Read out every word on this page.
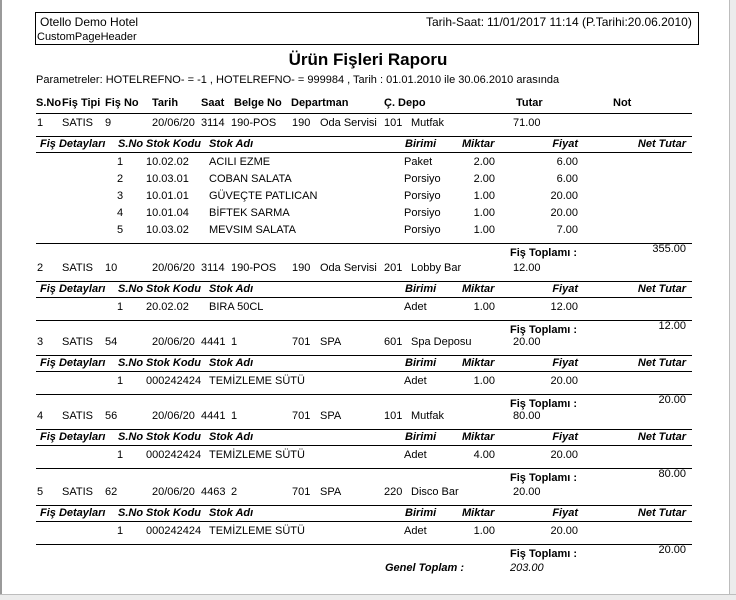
Otello Demo Hotel
CustomPageHeader
Tarih-Saat: 11/01/2017 11:14 (P.Tarihi:20.06.2010)
Ürün Fişleri Raporu
Parametreler: HOTELREFNO- = -1 , HOTELREFNO- = 999984 , Tarih : 01.01.2010 ile 30.06.2010 arasında
S.No Fiş Tipi Fiş No Tarih Saat Belge No Departman	Ç. Depo	Tutar	Not
1 SATIS 9	20/06/20 3114 190-POS 190 Oda Servisi 101 Mutfak	71.00
Fiş Detayları S.No Stok Kodu Stok Adı	Birimi Miktar	Fiyat	Net Tutar
1 10.02.02 ACILI EZME	Paket	2.00	6.00
2 10.03.01 COBAN SALATA	Porsiyo	2.00	6.00
3 10.01.01 GÜVEÇTE PATLICAN	Porsiyo	1.00	20.00
4 10.01.04 BİFTEK SARMA	Porsiyo	1.00	20.00
5 10.03.02 MEVSIM SALATA	Porsiyo	1.00	7.00
Fiş Toplamı :	355.00
2 SATIS 10	20/06/20 3114 190-POS 190 Oda Servisi 201 Lobby Bar	12.00
Fiş Detayları S.No Stok Kodu Stok Adı	Birimi Miktar	Fiyat	Net Tutar
1 20.02.02 BIRA 50CL	Adet	1.00	12.00
Fiş Toplamı :	12.00
3 SATIS 54	20/06/20 4441 1	701 SPA	601 Spa Deposu	20.00
Fiş Detayları S.No Stok Kodu Stok Adı	Birimi Miktar	Fiyat	Net Tutar
1 000242424 TEMİZLEME SÜTÜ	Adet	1.00	20.00
Fiş Toplamı :	20.00
4 SATIS 56	20/06/20 4441 1	701 SPA	101 Mutfak	80.00
Fiş Detayları S.No Stok Kodu Stok Adı	Birimi Miktar	Fiyat	Net Tutar
1 000242424 TEMİZLEME SÜTÜ	Adet	4.00	20.00
Fiş Toplamı :	80.00
5 SATIS 62	20/06/20 4463 2	701 SPA	220 Disco Bar	20.00
Fiş Detayları S.No Stok Kodu Stok Adı	Birimi Miktar	Fiyat	Net Tutar
1 000242424 TEMİZLEME SÜTÜ	Adet	1.00	20.00
Fiş Toplamı :	20.00
Genel Toplam :	203.00
